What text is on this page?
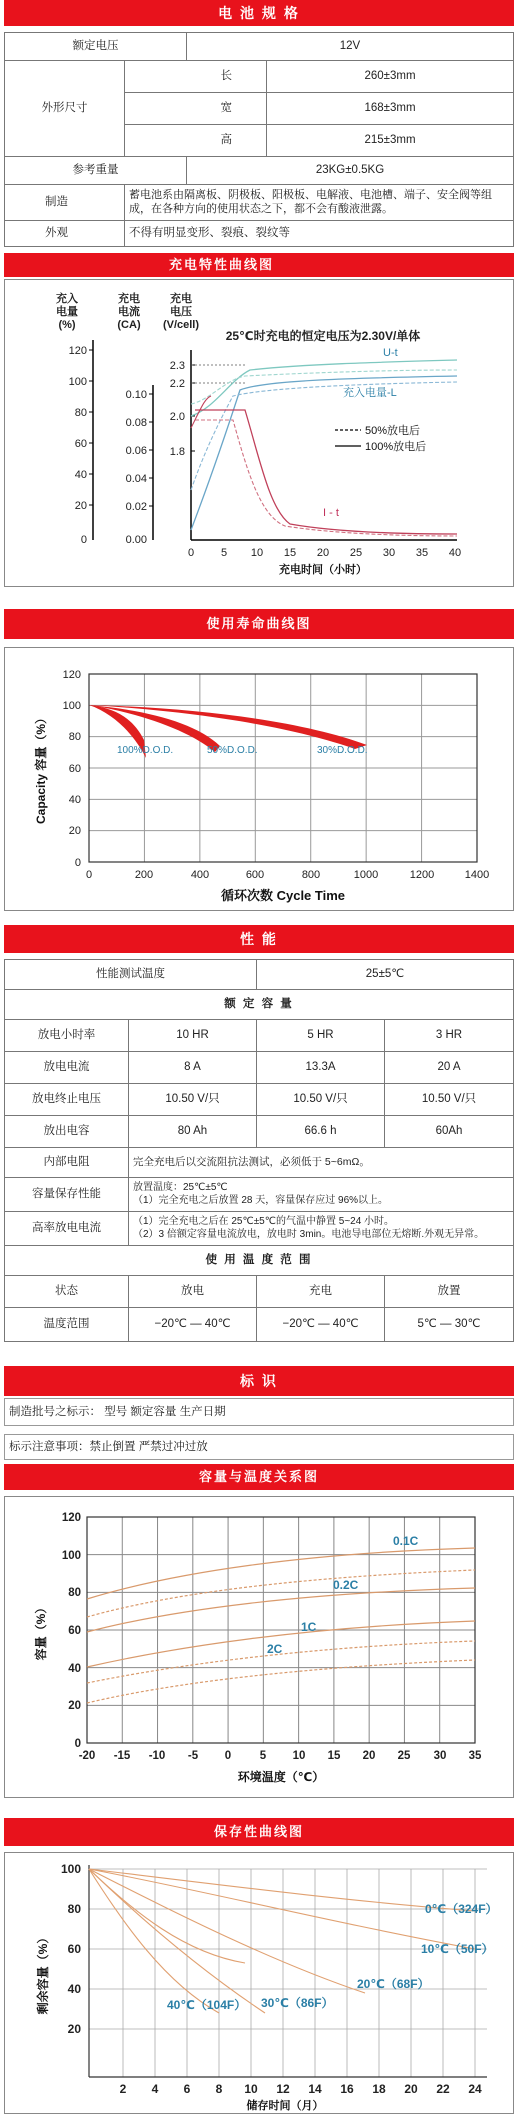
电 池 规 格
额定电压		12V	
外形尺寸		长	260±3mm
		宽	168±3mm
		高	215±3mm
参考重量		23KG±0.5KG	
制造	蓄电池系由隔离板、阴极板、阳极板、电解液、电池槽、端子、安全阀等组成，在各种方向的使用状态之下，都不会有酸液泄露。		
外观	不得有明显变形、裂痕、裂纹等		
充电特性曲线图
充入
电量
(%)
充电
电流
(CA)
充电
电压
(V/cell)
25℃时充电的恒定电压为2.30V/单体
120
100
80
60
40
20
0
0.10
0.08
0.06
0.04
0.02
0.00
2.3
2.2
2.0
1.8
0 5 10 15 20 25 30 35 40
U-t
充入电量-L
I - t
50%放电后
100%放电后
充电时间（小时）
使用寿命曲线图
120
100
80
60
40
20
0
0	200	400	600	800	1000	1200	1400
100%D.O.D.	50%D.O.D.	30%D.O.D.
循环次数 Cycle Time
Capacity 容量（%）
性 能
性能测试温度		25±5℃	
额 定 容 量			
放电小时率	10 HR	5 HR	3 HR
放电电流	8 A	13.3A	20 A
放电终止电压	10.50 V/只	10.50 V/只	10.50 V/只
放出电容	80 Ah	66.6 h	60Ah
内部电阻	完全充电后以交流阻抗法测试，必须低于 5~6mΩ。		
容量保存性能	放置温度：25℃±5℃
（1）完全充电之后放置 28 天，容量保存应过 96%以上。		

高率放电电流	（1）完全充电之后在 25℃±5℃的气温中静置 5~24 小时。
（2）3 倍额定容量电流放电，放电时 3min。电池导电部位无熔断.外观无异常。		

使 用 温 度 范 围			
状态	放电	充电	放置
温度范围	−20℃ — 40℃	−20℃ — 40℃	5℃ — 30℃
标 识
制造批号之标示： 型号 额定容量 生产日期
标示注意事项：禁止倒置 严禁过冲过放
容量与温度关系图
120
100
80
60
40
20
0
-20 -15 -10 -5 0 5 10 15 20 25 30 35
0.1C
0.2C
1C
2C
环境温度（℃）
容量（%）
保存性曲线图
100
80
60
40
20
2 4 6 8 10 12 14 16 18 20 22 24
0℃（324F）
10℃（50F）
20℃（68F）
30℃（86F）
40℃（104F）
储存时间（月）
剩余容量（%）
